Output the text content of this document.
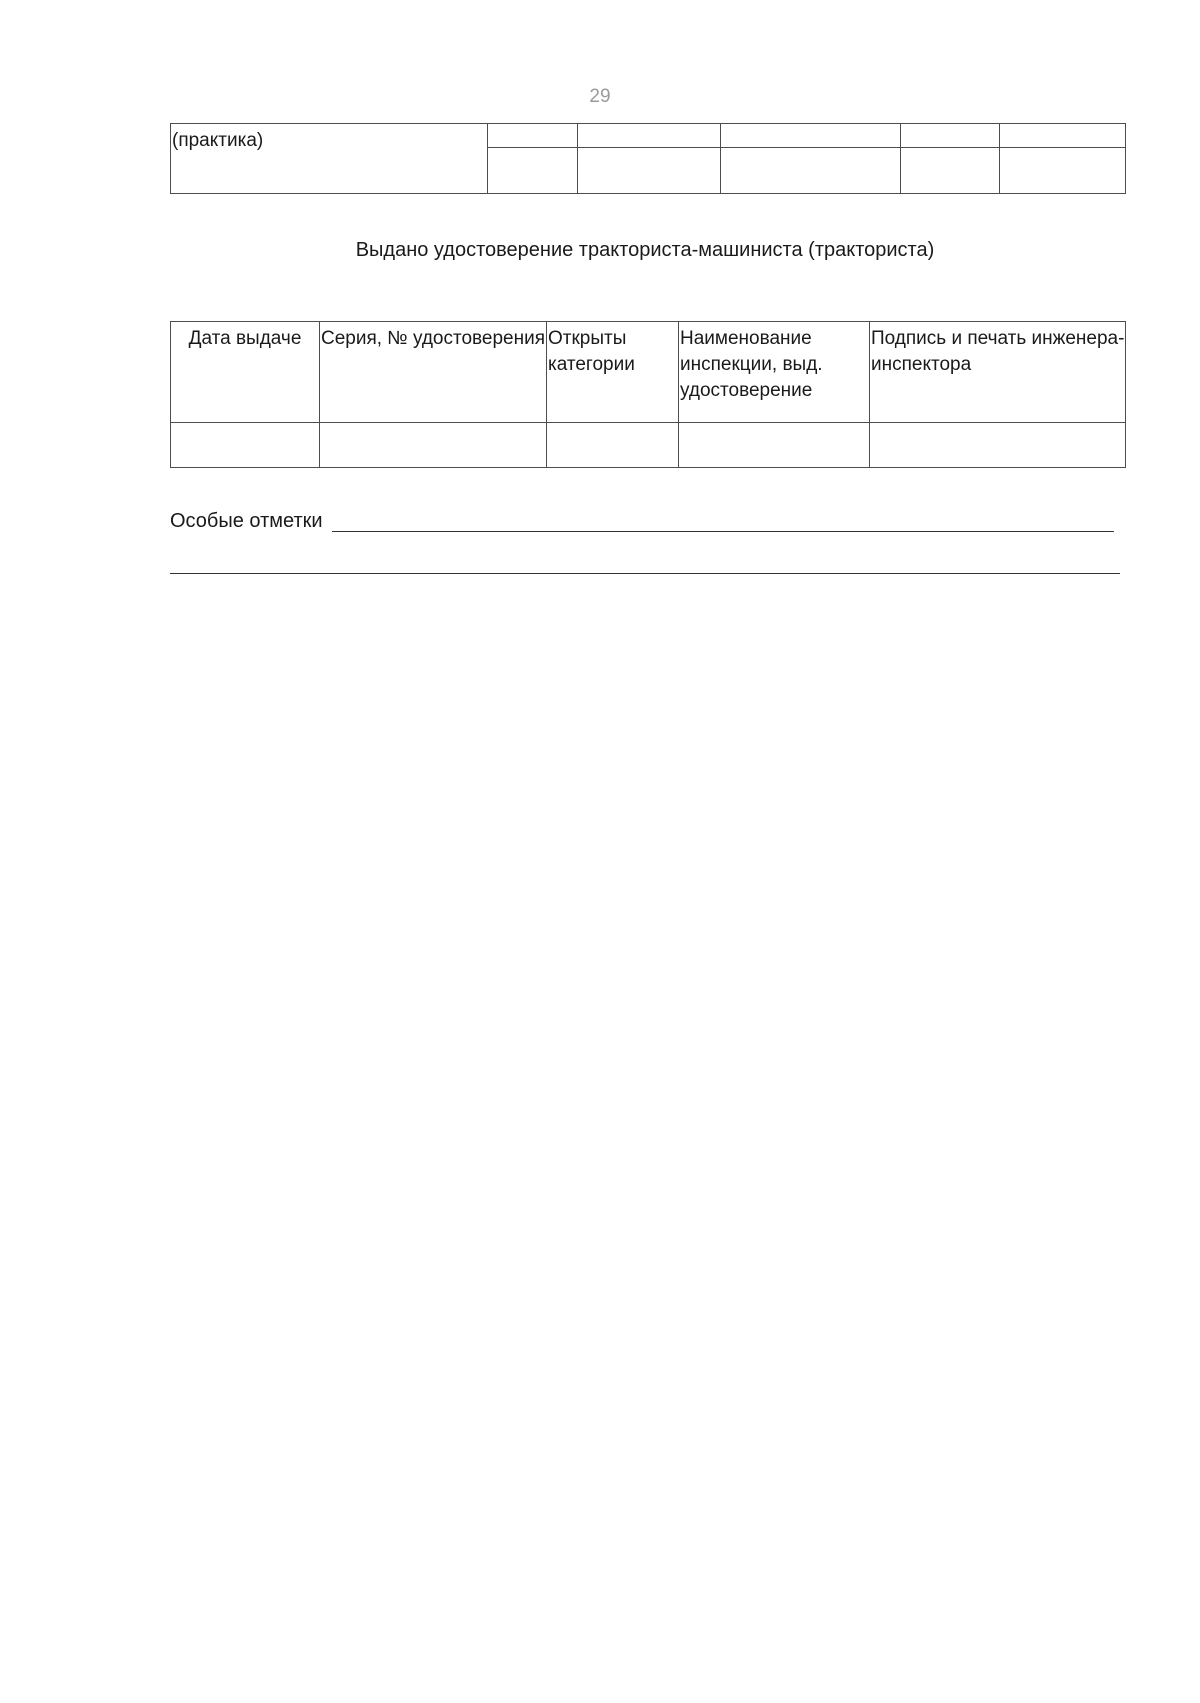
29
(практика)					

Выдано удостоверение тракториста-машиниста (тракториста)
Дата выдаче	Серия, № удостоверения	Открыты категории	Наименование инспекции, выд. удостоверение	Подпись и печать инженера-инспектора

Особые отметки
